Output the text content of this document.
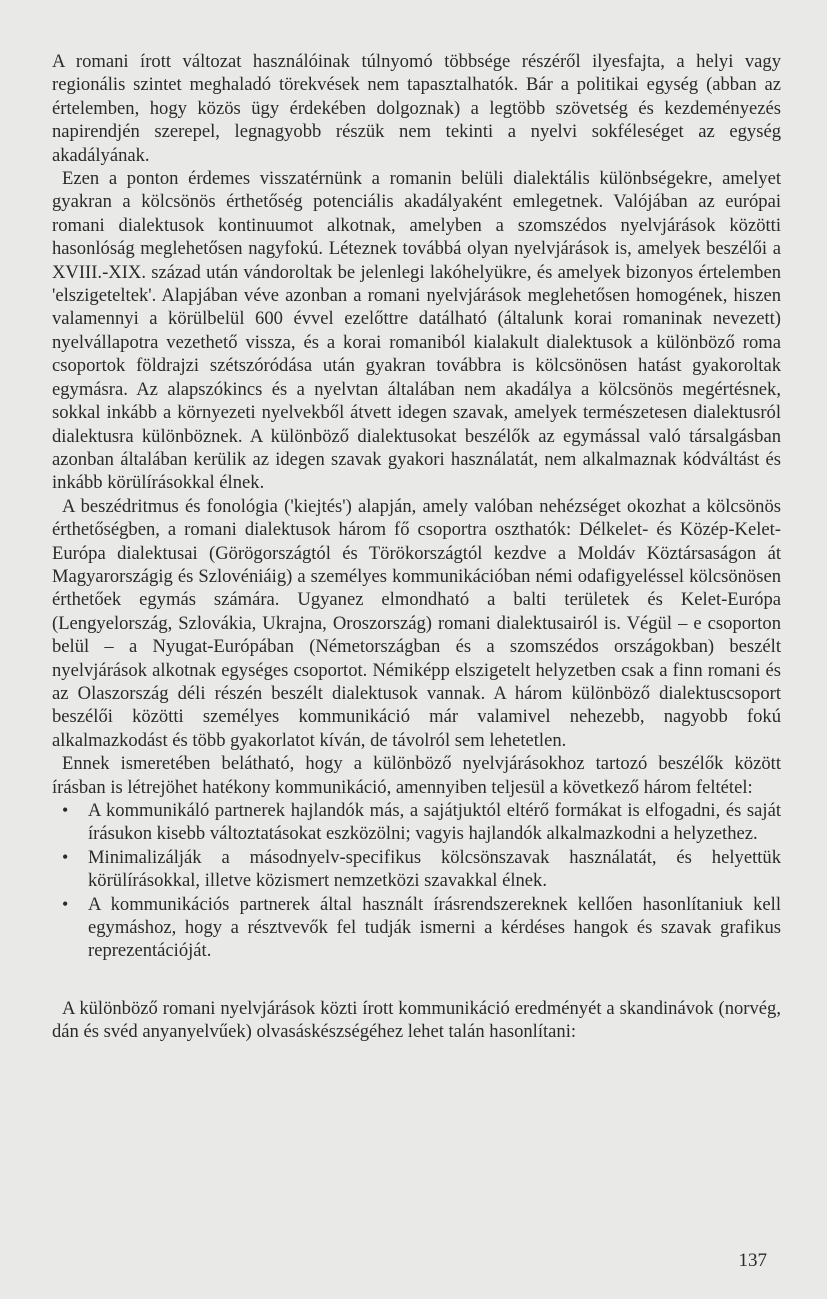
A romani írott változat használóinak túlnyomó többsége részéről ilyesfajta, a helyi vagy regionális szintet meghaladó törekvések nem tapasztalhatók. Bár a politikai egység (abban az értelemben, hogy közös ügy érdekében dolgoznak) a legtöbb szövetség és kezdeményezés napirendjén szerepel, legnagyobb részük nem tekinti a nyelvi sokféleséget az egység akadályának.

Ezen a ponton érdemes visszatérnünk a romanin belüli dialektális különbségekre, amelyet gyakran a kölcsönös érthetőség potenciális akadályaként emlegetnek. Valójában az európai romani dialektusok kontinuumot alkotnak, amelyben a szomszédos nyelvjárások közötti hasonlóság meglehetősen nagyfokú. Léteznek továbbá olyan nyelvjárások is, amelyek beszélői a XVIII.-XIX. század után vándoroltak be jelenlegi lakóhelyükre, és amelyek bizonyos értelemben 'elszigeteltek'. Alapjában véve azonban a romani nyelvjárások meglehetősen homogének, hiszen valamennyi a körülbelül 600 évvel ezelőttre datálható (általunk korai romaninak nevezett) nyelvállapotra vezethető vissza, és a korai romaniból kialakult dialektusok a különböző roma csoportok földrajzi szétszóródása után gyakran továbbra is kölcsönösen hatást gyakoroltak egymásra. Az alapszókincs és a nyelvtan általában nem akadálya a kölcsönös megértésnek, sokkal inkább a környezeti nyelvekből átvett idegen szavak, amelyek természetesen dialektusról dialektusra különböznek. A különböző dialektusokat beszélők az egymással való társalgásban azonban általában kerülik az idegen szavak gyakori használatát, nem alkalmaznak kódváltást és inkább körülírásokkal élnek.

A beszédritmus és fonológia ('kiejtés') alapján, amely valóban nehézséget okozhat a kölcsönös érthetőségben, a romani dialektusok három fő csoportra oszthatók: Délkelet- és Közép-Kelet-Európa dialektusai (Görögországtól és Törökországtól kezdve a Moldáv Köztársaságon át Magyarországig és Szlovéniáig) a személyes kommunikációban némi odafigyeléssel kölcsönösen érthetőek egymás számára. Ugyanez elmondható a balti területek és Kelet-Európa (Lengyelország, Szlovákia, Ukrajna, Oroszország) romani dialektusairól is. Végül – e csoporton belül – a Nyugat-Európában (Németországban és a szomszédos országokban) beszélt nyelvjárások alkotnak egységes csoportot. Némiképp elszigetelt helyzetben csak a finn romani és az Olaszország déli részén beszélt dialektusok vannak. A három különböző dialektuscsoport beszélői közötti személyes kommunikáció már valamivel nehezebb, nagyobb fokú alkalmazkodást és több gyakorlatot kíván, de távolról sem lehetetlen.

Ennek ismeretében belátható, hogy a különböző nyelvjárásokhoz tartozó beszélők között írásban is létrejöhet hatékony kommunikáció, amennyiben teljesül a következő három feltétel:

• A kommunikáló partnerek hajlandók más, a sajátjuktól eltérő formákat is elfogadni, és saját írásukon kisebb változtatásokat eszközölni; vagyis hajlandók alkalmazkodni a helyzethez.
• Minimalizálják a másodnyelv-specifikus kölcsönszavak használatát, és helyettük körülírásokkal, illetve közismert nemzetközi szavakkal élnek.
• A kommunikációs partnerek által használt írásrendszereknek kellően hasonlítaniuk kell egymáshoz, hogy a résztvevők fel tudják ismerni a kérdéses hangok és szavak grafikus reprezentációját.

A különböző romani nyelvjárások közti írott kommunikáció eredményét a skandinávok (norvég, dán és svéd anyanyelvűek) olvasáskészségéhez lehet talán hasonlítani:

137
